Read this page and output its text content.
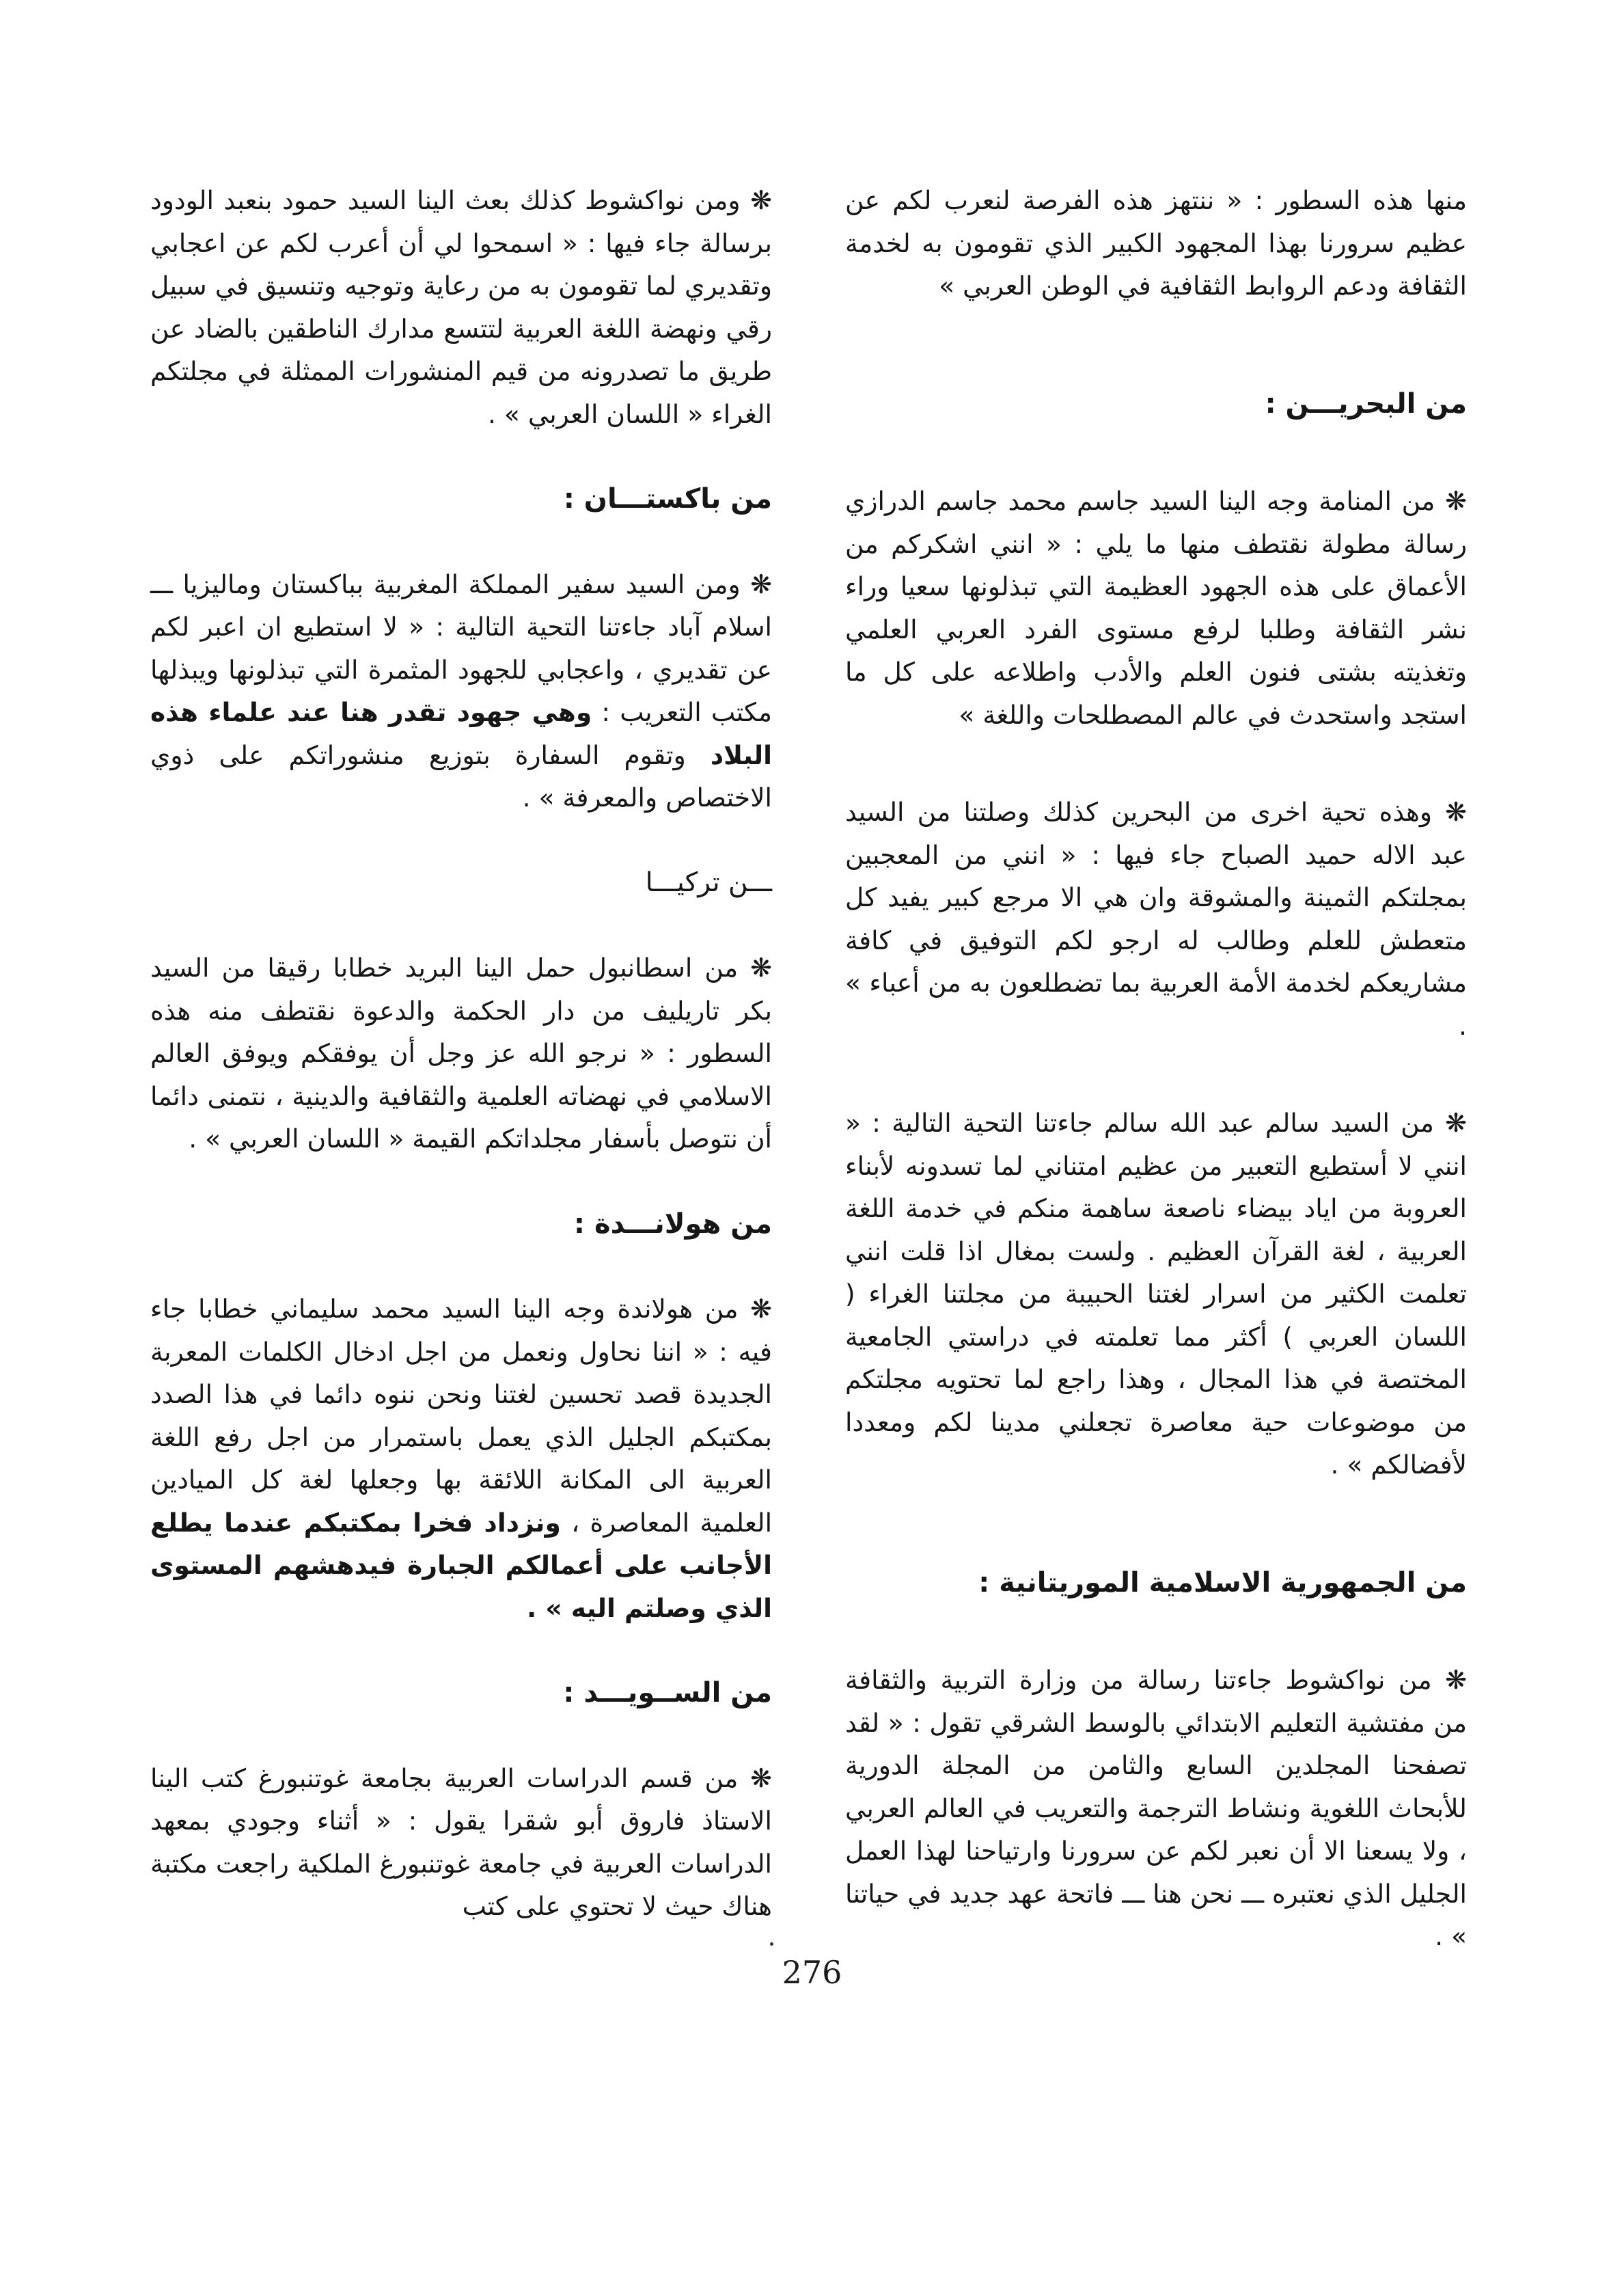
منها هذه السطور : « ننتهز هذه الفرصة لنعرب لكم عن عظيم سرورنا بهذا المجهود الكبير الذي تقومون به لخدمة الثقافة ودعم الروابط الثقافية في الوطن العربي »

من البحريـــن :

❋ من المنامة وجه الينا السيد جاسم محمد جاسم الدرازي رسالة مطولة نقتطف منها ما يلي : « انني اشكركم من الأعماق على هذه الجهود العظيمة التي تبذلونها سعيا وراء نشر الثقافة وطلبا لرفع مستوى الفرد العربي العلمي وتغذيته بشتى فنون العلم والأدب واطلاعه على كل ما استجد واستحدث في عالم المصطلحات واللغة »

❋ وهذه تحية اخرى من البحرين كذلك وصلتنا من السيد عبد الاله حميد الصباح جاء فيها : « انني من المعجبين بمجلتكم الثمينة والمشوقة وان هي الا مرجع كبير يفيد كل متعطش للعلم وطالب له ارجو لكم التوفيق في كافة مشاريعكم لخدمة الأمة العربية بما تضطلعون به من أعباء » .

❋ من السيد سالم عبد الله سالم جاءتنا التحية التالية : « انني لا أستطيع التعبير من عظيم امتناني لما تسدونه لأبناء العروبة من اياد بيضاء ناصعة ساهمة منكم في خدمة اللغة العربية ، لغة القرآن العظيم . ولست بمغال اذا قلت انني تعلمت الكثير من اسرار لغتنا الحبيبة من مجلتنا الغراء ( اللسان العربي ) أكثر مما تعلمته في دراستي الجامعية المختصة في هذا المجال ، وهذا راجع لما تحتويه مجلتكم من موضوعات حية معاصرة تجعلني مدينا لكم ومعددا لأفضالكم » .

من الجمهورية الاسلامية الموريتانية :

❋ من نواكشوط جاءتنا رسالة من وزارة التربية والثقافة من مفتشية التعليم الابتدائي بالوسط الشرقي تقول : « لقد تصفحنا المجلدين السابع والثامن من المجلة الدورية للأبحاث اللغوية ونشاط الترجمة والتعريب في العالم العربي ، ولا يسعنا الا أن نعبر لكم عن سرورنا وارتياحنا لهذا العمل الجليل الذي نعتبره ـــ نحن هنا ـــ فاتحة عهد جديد في حياتنا » .

❋ ومن نواكشوط كذلك بعث الينا السيد حمود بنعبد الودود برسالة جاء فيها : « اسمحوا لي أن أعرب لكم عن اعجابي وتقديري لما تقومون به من رعاية وتوجيه وتنسيق في سبيل رقي ونهضة اللغة العربية لتتسع مدارك الناطقين بالضاد عن طريق ما تصدرونه من قيم المنشورات الممثلة في مجلتكم الغراء « اللسان العربي » .

من باكستـــان :

❋ ومن السيد سفير المملكة المغربية بباكستان وماليزيا ـــ اسلام آباد جاءتنا التحية التالية : « لا استطيع ان اعبر لكم عن تقديري ، واعجابي للجهود المثمرة التي تبذلونها ويبذلها مكتب التعريب : وهي جهود تقدر هنا عند علماء هذه البلاد وتقوم السفارة بتوزيع منشوراتكم على ذوي الاختصاص والمعرفة » .

ـــن تركيـــا

❋ من اسطانبول حمل الينا البريد خطابا رقيقا من السيد بكر تاريليف من دار الحكمة والدعوة نقتطف منه هذه السطور : « نرجو الله عز وجل أن يوفقكم ويوفق العالم الاسلامي في نهضاته العلمية والثقافية والدينية ، نتمنى دائما أن نتوصل بأسفار مجلداتكم القيمة « اللسان العربي » .

من هولانـــدة :

❋ من هولاندة وجه الينا السيد محمد سليماني خطابا جاء فيه : « اننا نحاول ونعمل من اجل ادخال الكلمات المعربة الجديدة قصد تحسين لغتنا ونحن ننوه دائما في هذا الصدد بمكتبكم الجليل الذي يعمل باستمرار من اجل رفع اللغة العربية الى المكانة اللائقة بها وجعلها لغة كل الميادين العلمية المعاصرة ، ونزداد فخرا بمكتبكم عندما يطلع الأجانب على أعمالكم الجبارة فيدهشهم المستوى الذي وصلتم اليه » .

من الســويـــد :

❋ من قسم الدراسات العربية بجامعة غوتنبورغ كتب الينا الاستاذ فاروق أبو شقرا يقول : « أثناء وجودي بمعهد الدراسات العربية في جامعة غوتنبورغ الملكية راجعت مكتبة هناك حيث لا تحتوي على كتب

276
